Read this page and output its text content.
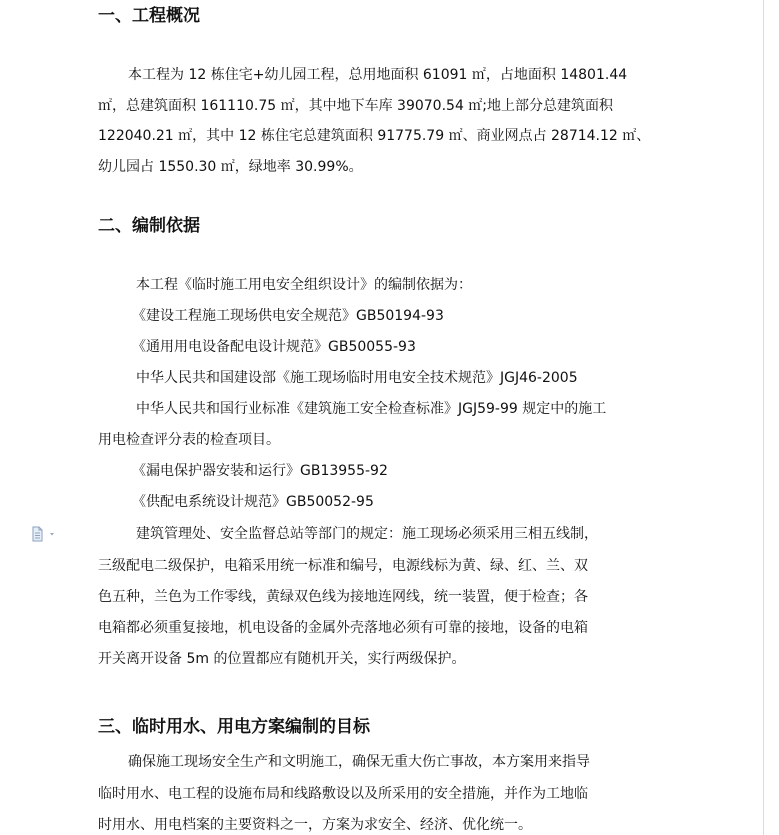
一、工程概况

本工程为 12 栋住宅+幼儿园工程，总用地面积 61091 ㎡，占地面积 14801.44

㎡，总建筑面积 161110.75 ㎡，其中地下车库 39070.54 ㎡;地上部分总建筑面积

122040.21 ㎡，其中 12 栋住宅总建筑面积 91775.79 ㎡、商业网点占 28714.12 ㎡、

幼儿园占 1550.30 ㎡，绿地率 30.99%。

二、编制依据

本工程《临时施工用电安全组织设计》的编制依据为：

《建设工程施工现场供电安全规范》GB50194-93

《通用用电设备配电设计规范》GB50055-93

中华人民共和国建设部《施工现场临时用电安全技术规范》JGJ46-2005

中华人民共和国行业标准《建筑施工安全检查标准》JGJ59-99 规定中的施工

用电检查评分表的检查项目。

《漏电保护器安装和运行》GB13955-92

《供配电系统设计规范》GB50052-95

建筑管理处、安全监督总站等部门的规定：施工现场必须采用三相五线制，

三级配电二级保护，电箱采用统一标准和编号，电源线标为黄、绿、红、兰、双

色五种，兰色为工作零线，黄绿双色线为接地连网线，统一装置，便于检查；各

电箱都必须重复接地，机电设备的金属外壳落地必须有可靠的接地，设备的电箱

开关离开设备 5m 的位置都应有随机开关，实行两级保护。

三、临时用水、用电方案编制的目标

确保施工现场安全生产和文明施工，确保无重大伤亡事故，本方案用来指导

临时用水、电工程的设施布局和线路敷设以及所采用的安全措施，并作为工地临

时用水、用电档案的主要资料之一，方案为求安全、经济、优化统一。
